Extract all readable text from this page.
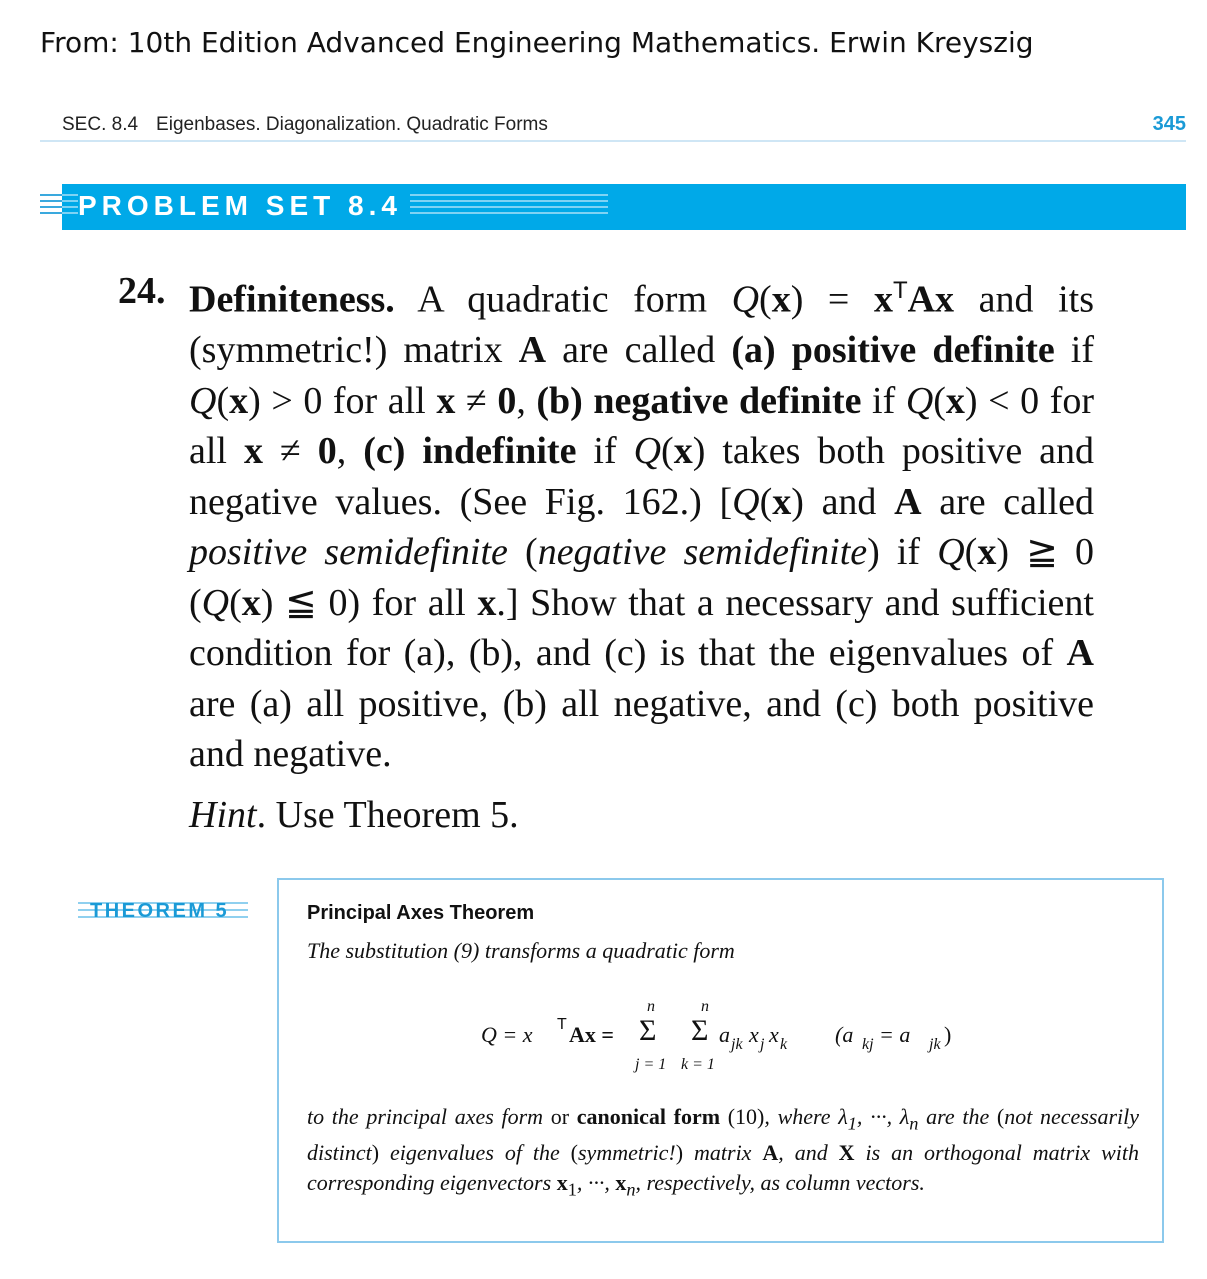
From: 10th Edition Advanced Engineering Mathematics. Erwin Kreyszig
SEC. 8.4 Eigenbases. Diagonalization. Quadratic Forms	345
PROBLEM SET 8.4
24. Definiteness. A quadratic form $Q(x) = x^TAx$ and its (symmetric!) matrix A are called (a) positive definite if Q(x) > 0 for all x ≠ 0, (b) negative definite if Q(x) < 0 for all x ≠ 0, (c) indefinite if Q(x) takes both positive and negative values. (See Fig. 162.) [Q(x) and A are called positive semidefinite (negative semidefinite) if Q(x) ≧ 0 (Q(x) ≦ 0) for all x.] Show that a necessary and sufficient condition for (a), (b), and (c) is that the eigenvalues of A are (a) all positive, (b) all negative, and (c) both positive and negative.
Hint. Use Theorem 5.
THEOREM 5	Principal Axes Theorem
The substitution (9) transforms a quadratic form
Q = x T Ax =
n
Σ
j = 1
n
Σ
k = 1
a jk x j x k (a kj = a jk )
to the principal axes form or canonical form (10), where $\lambda_1$, ···, $\lambda_n$ are the (not necessarily distinct) eigenvalues of the (symmetric!) matrix A, and X is an orthogonal matrix with corresponding eigenvectors $x_1$, ···, $x_n$, respectively, as column vectors.
